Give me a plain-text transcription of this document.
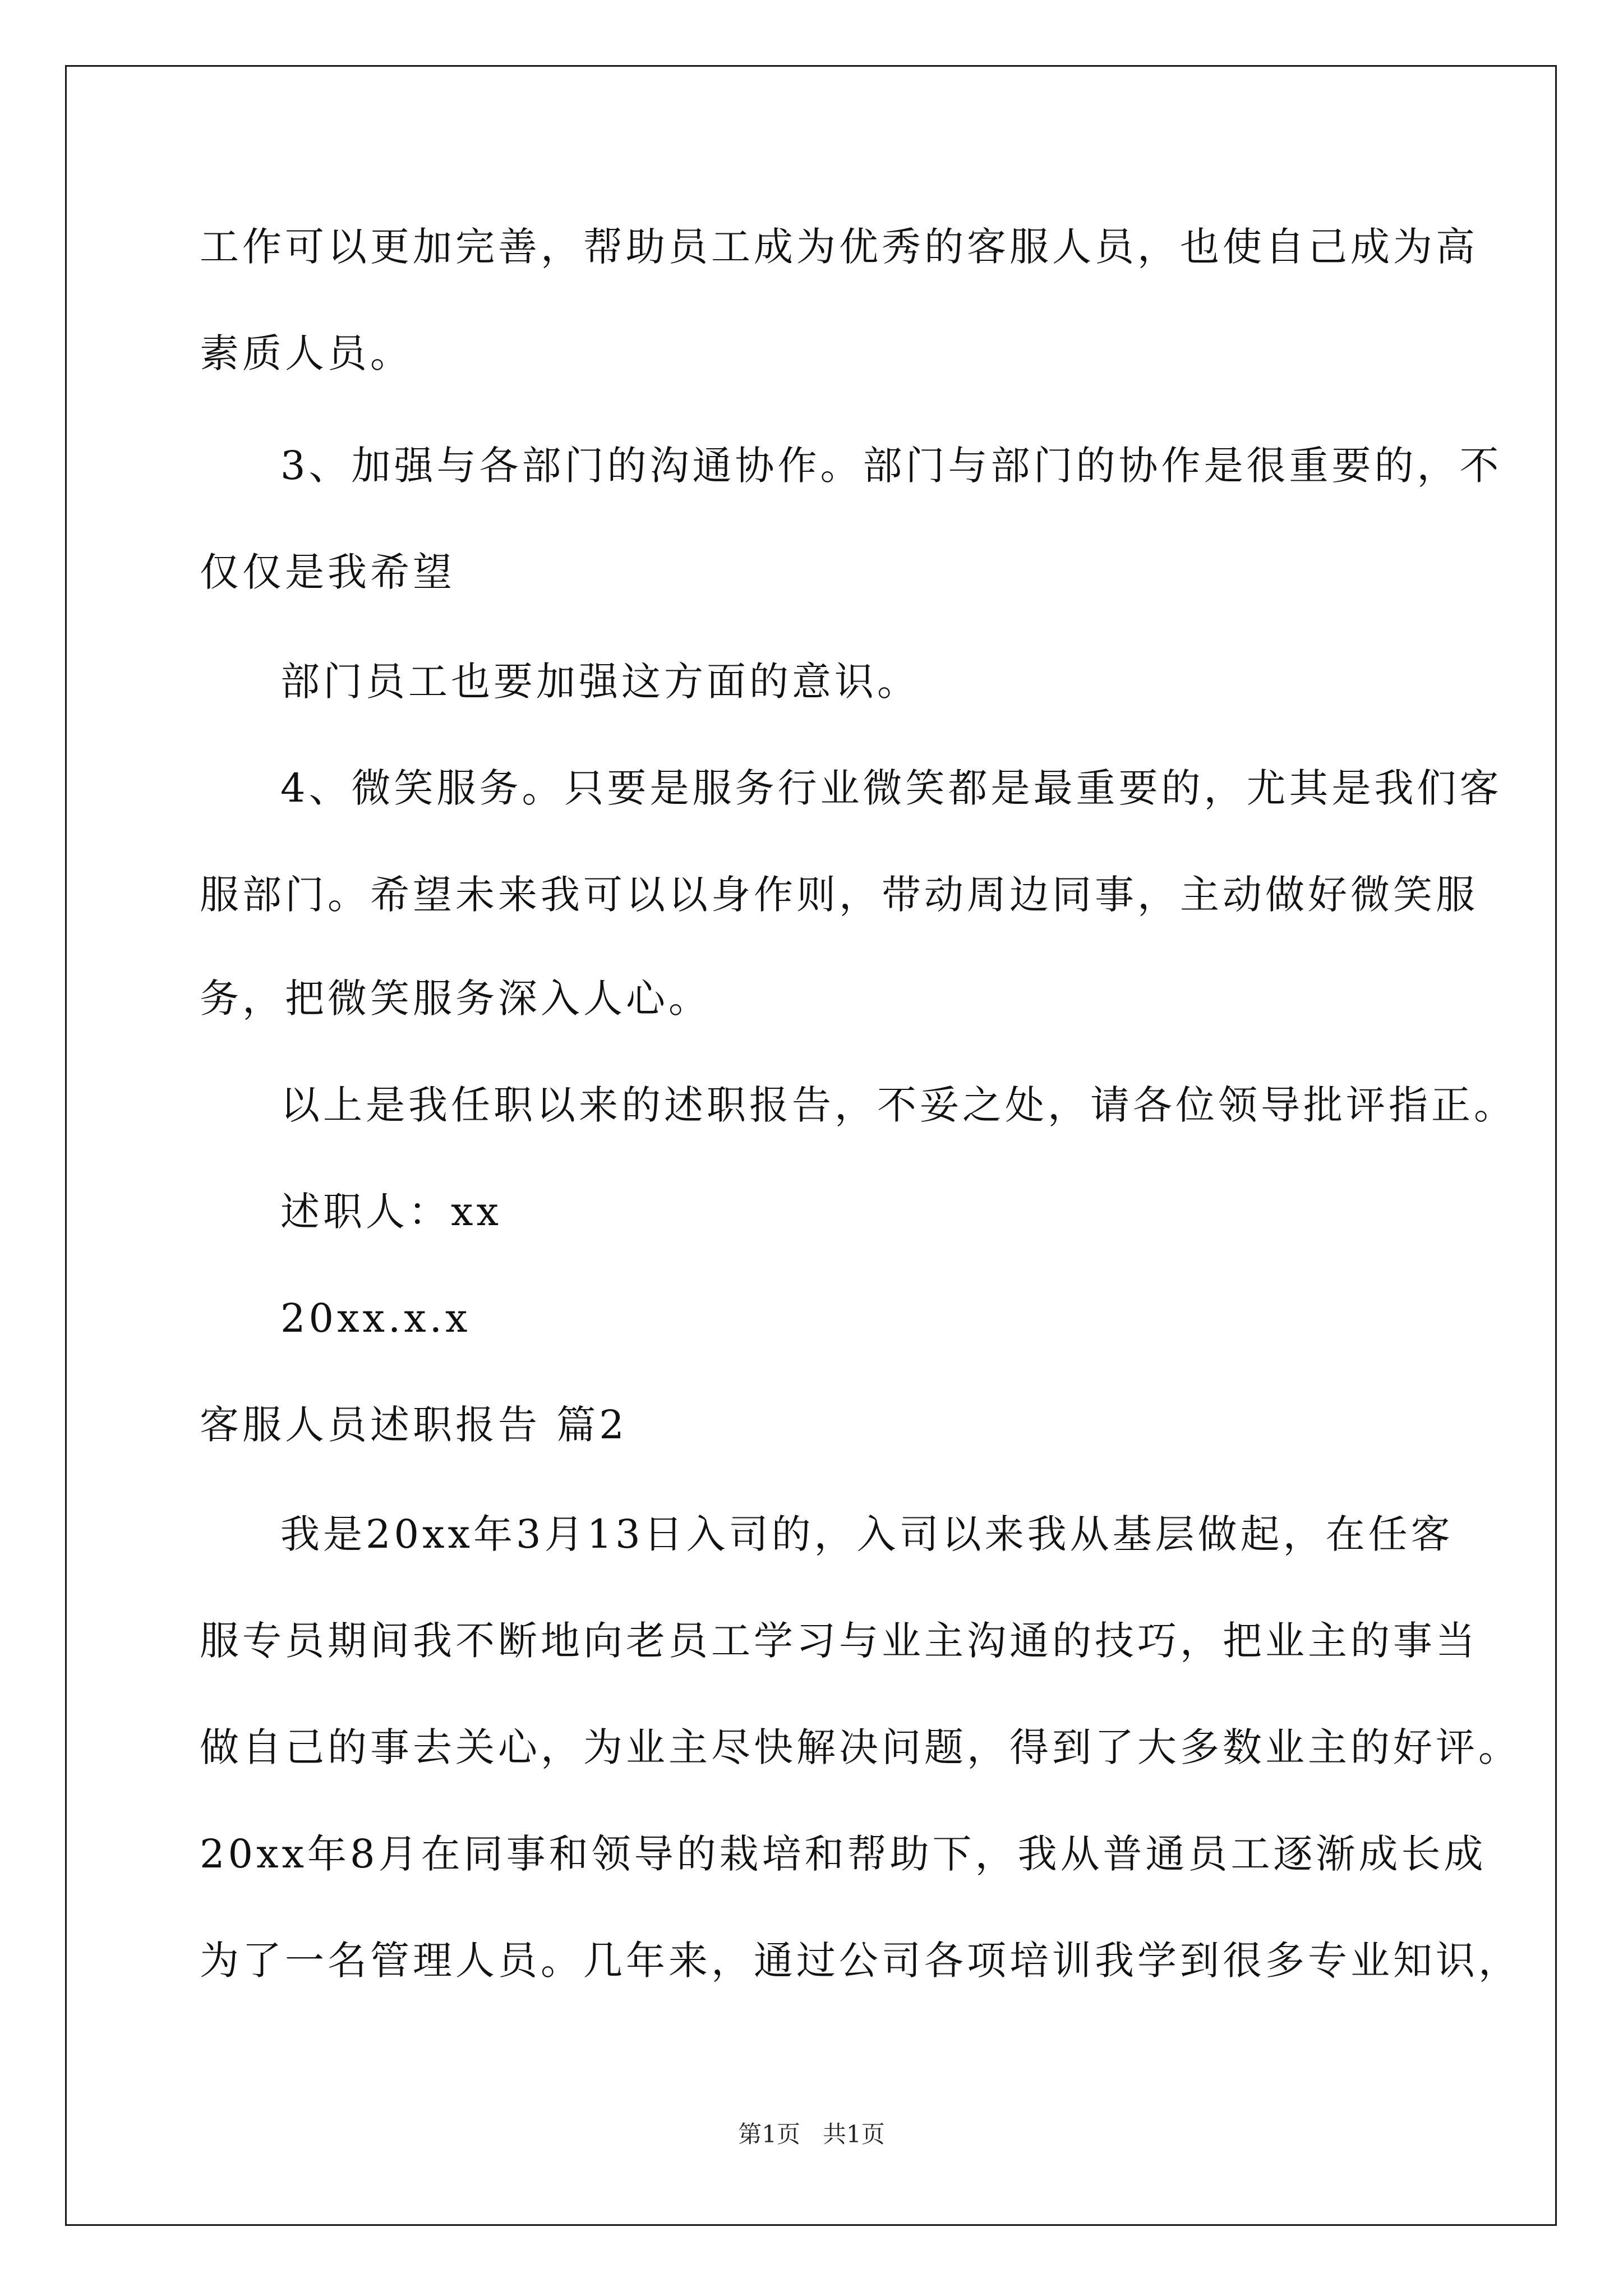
工作可以更加完善，帮助员工成为优秀的客服人员，也使自己成为高
素质人员。
3、加强与各部门的沟通协作。部门与部门的协作是很重要的，不
仅仅是我希望
部门员工也要加强这方面的意识。
4、微笑服务。只要是服务行业微笑都是最重要的，尤其是我们客
服部门。希望未来我可以以身作则，带动周边同事，主动做好微笑服
务，把微笑服务深入人心。
以上是我任职以来的述职报告，不妥之处，请各位领导批评指正。
述职人：xx
20xx.x.x
客服人员述职报告 篇2
我是20xx年3月13日入司的，入司以来我从基层做起，在任客
服专员期间我不断地向老员工学习与业主沟通的技巧，把业主的事当
做自己的事去关心，为业主尽快解决问题，得到了大多数业主的好评。
20xx年8月在同事和领导的栽培和帮助下，我从普通员工逐渐成长成
为了一名管理人员。几年来，通过公司各项培训我学到很多专业知识，
第1页   共1页
